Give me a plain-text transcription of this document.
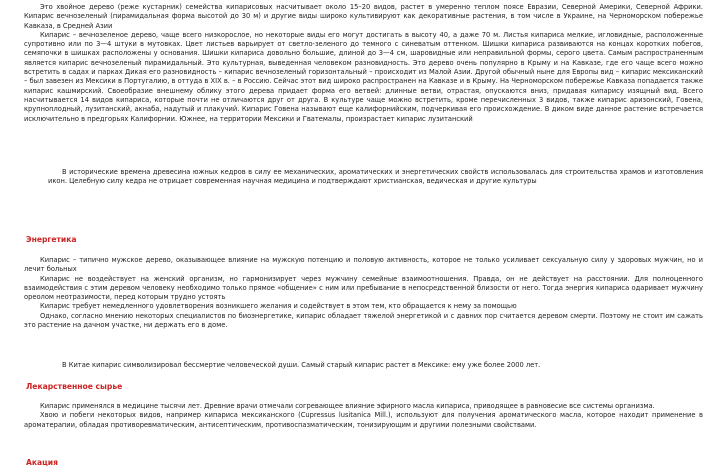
Это хвойное дерево (реже кустарник) семейства кипарисовых насчитывает около 15–20 видов, растет в умеренно теплом поясе Евразии, Северной Америки, Северной Африки. Кипарис вечнозеленый (пирамидальная форма высотой до 30 м) и другие виды широко культивируют как декоративные растения, в том числе в Украине, на Черноморском побережье Кавказа, в Средней Азии

Кипарис – вечнозеленое дерево, чаще всего низкорослое, но некоторые виды его могут достигать в высоту 40, а даже 70 м. Листья кипариса мелкие, игловидные, расположенные супротивно или по 3—4 штуки в мутовках. Цвет листьев варьирует от светло-зеленого до темного с синеватым оттенком. Шишки кипариса развиваются на концах коротких побегов, семяпочки в шишках расположены у основания. Шишки кипариса довольно большие, длиной до 3—4 см, шаровидные или неправильной формы, серого цвета. Самым распространенным является кипарис вечнозеленый пирамидальный. Это культурная, выведенная человеком разновидность. Это дерево очень популярно в Крыму и на Кавказе, где его чаще всего можно встретить в садах и парках Дикая его разновидность – кипарис вечнозеленый горизонтальный – происходит из Малой Азии. Другой обычный ныне для Европы вид – кипарис мексиканский – был завезен из Мексики в Португалию, в оттуда в XIX в. – в Россию. Сейчас этот вид широко распространен на Кавказе и в Крыму. На Черноморском побережье Кавказа попадается также кипарис кашмирский. Своеобразие внешнему облику этого дерева придает форма его ветвей: длинные ветви, отрастая, опускаются вниз, придавая кипарису изящный вид. Всего насчитывается 14 видов кипариса, которые почти не отличаются друг от друга. В культуре чаще можно встретить, кроме перечисленных 3 видов, также кипарис аризонский, Говена, крупноплодный, лузитанский, акнаба, надутый и плакучий. Кипарис Говена называют еще калифорнийским, подчеркивая его происхождение. В диком виде данное растение встречается исключительно в предгорьях Калифорнии. Южнее, на территории Мексики и Гватемалы, произрастает кипарис лузитанский

В исторические времена древесина южных кедров в силу ее механических, ароматических и энергетических свойств использовалась для строительства храмов и изготовления икон. Целебную силу кедра не отрицает современная научная медицина и подтверждают христианская, ведическая и другие культуры

Энергетика

Кипарис – типично мужское дерево, оказывающее влияние на мужскую потенцию и половую активность, которое не только усиливает сексуальную силу у здоровых мужчин, но и лечит больных

Кипарис не воздействует на женский организм, но гармонизирует через мужчину семейные взаимоотношения. Правда, он не действует на расстоянии. Для полноценного взаимодействия с этим деревом человеку необходимо только прямое «общение» с ним или пребывание в непосредственной близости от него. Тогда энергия кипариса одаривает мужчину ореолом неотразимости, перед которым трудно устоять

Кипарис требует немедленного удовлетворения возникшего желания и содействует в этом тем, кто обращается к нему за помощью

Однако, согласно мнению некоторых специалистов по биоэнергетике, кипарис обладает тяжелой энергетикой и с давних пор считается деревом смерти. Поэтому не стоит им сажать это растение на дачном участке, ни держать его в доме.

В Китае кипарис символизировал бессмертие человеческой души. Самый старый кипарис растет в Мексике: ему уже более 2000 лет.

Лекарственное сырье

Кипарис применялся в медицине тысячи лет. Древние врачи отмечали согревающее влияние эфирного масла кипариса, приводящее в равновесие все системы организма.

Хвою и побеги некоторых видов, например кипариса мексиканского (Cupressus lusitanica Mill.), используют для получения ароматического масла, которое находит применение в ароматерапии, обладая противоревматическим, антисептическим, противоспазматическим, тонизирующим и другими полезными свойствами.

Акация
